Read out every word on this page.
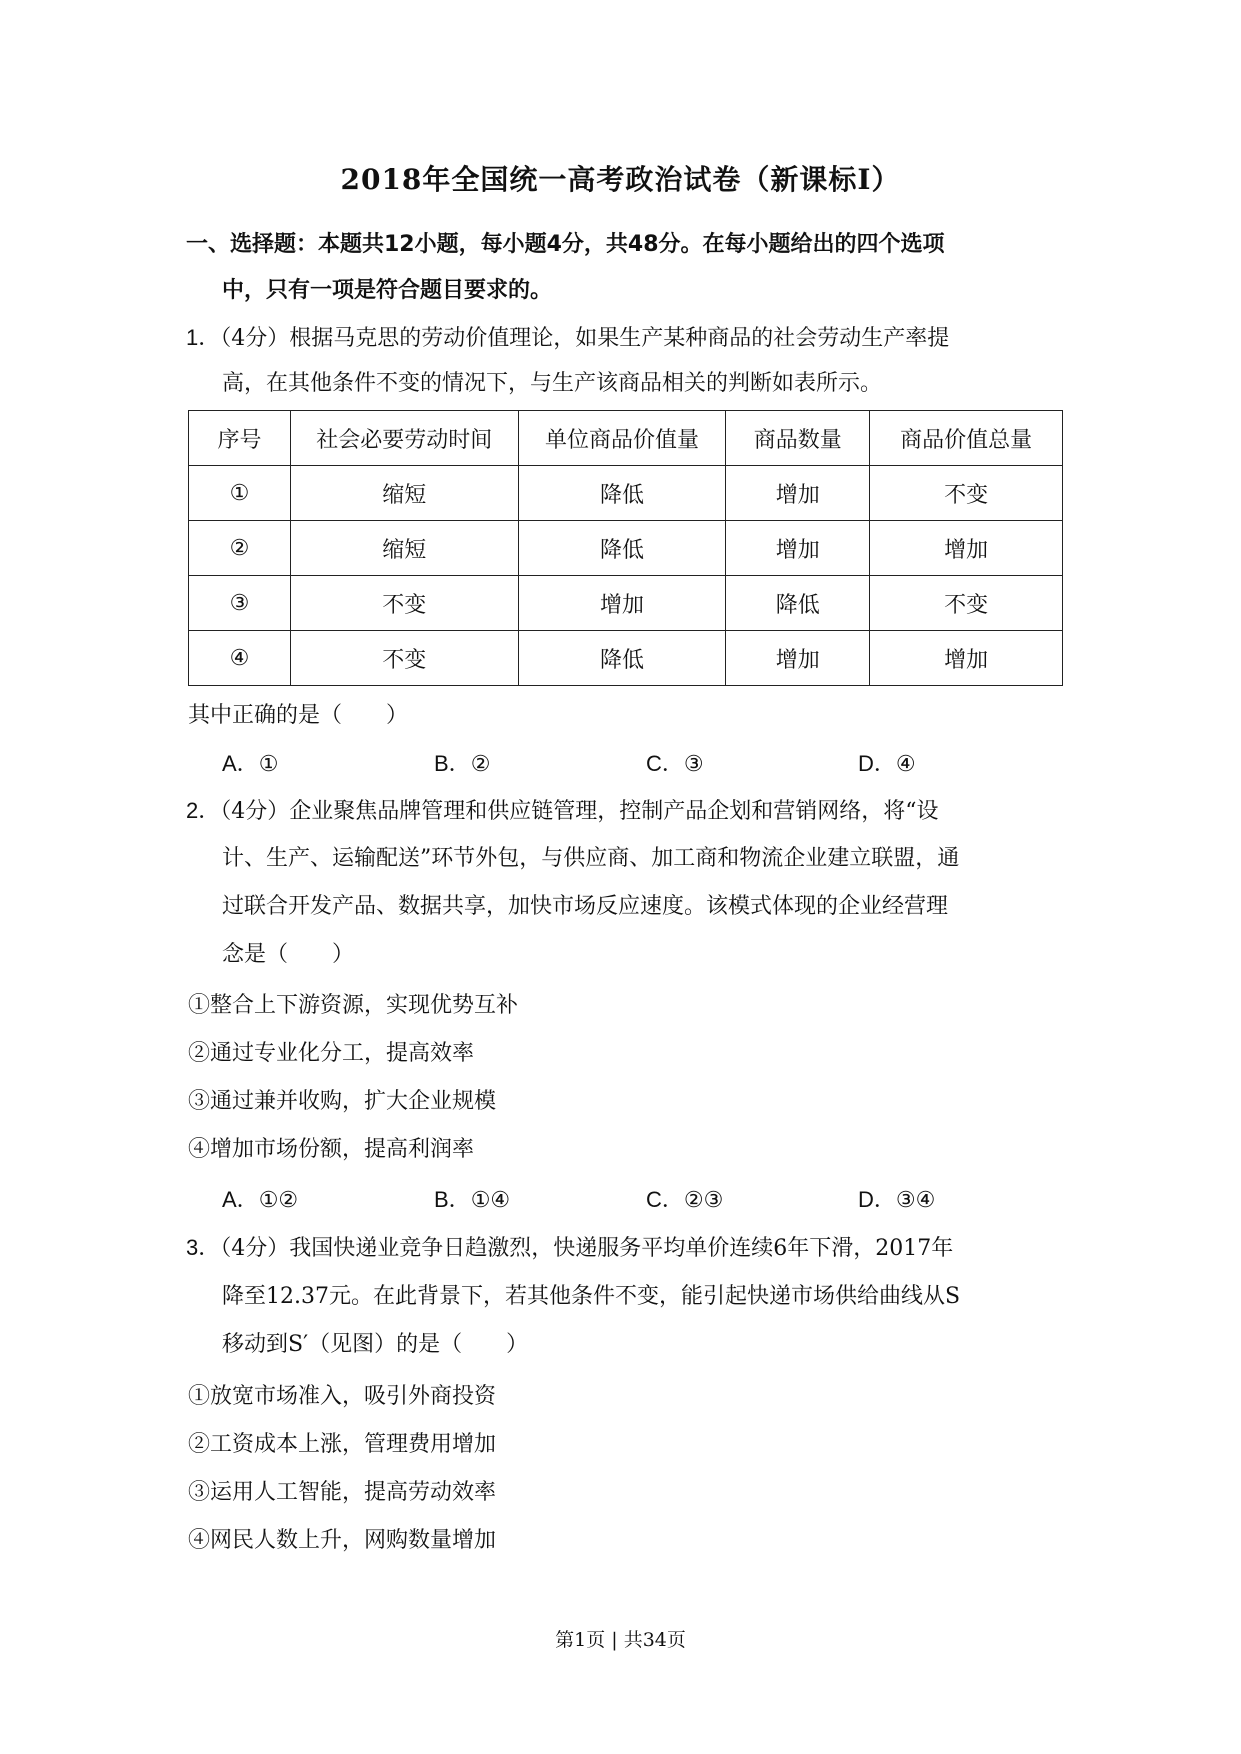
2018年全国统一高考政治试卷（新课标Ⅰ）
一、选择题：本题共12小题，每小题4分，共48分。在每小题给出的四个选项
中，只有一项是符合题目要求的。
1．（4分）根据马克思的劳动价值理论，如果生产某种商品的社会劳动生产率提
高，在其他条件不变的情况下，与生产该商品相关的判断如表所示。
序号	社会必要劳动时间	单位商品价值量	商品数量	商品价值总量
①	缩短	降低	增加	不变
②	缩短	降低	增加	增加
③	不变	增加	降低	不变
④	不变	降低	增加	增加
其中正确的是（　　）
A．①	B．②	C．③	D．④
2．（4分）企业聚焦品牌管理和供应链管理，控制产品企划和营销网络，将“设
计、生产、运输配送”环节外包，与供应商、加工商和物流企业建立联盟，通
过联合开发产品、数据共享，加快市场反应速度。该模式体现的企业经营理
念是（　　）
①整合上下游资源，实现优势互补
②通过专业化分工，提高效率
③通过兼并收购，扩大企业规模
④增加市场份额，提高利润率
A．①②	B．①④	C．②③	D．③④
3．（4分）我国快递业竞争日趋激烈，快递服务平均单价连续6年下滑，2017年
降至12.37元。在此背景下，若其他条件不变，能引起快递市场供给曲线从S
移动到S′（见图）的是（　　）
①放宽市场准入，吸引外商投资
②工资成本上涨，管理费用增加
③运用人工智能，提高劳动效率
④网民人数上升，网购数量增加
第1页 | 共34页
